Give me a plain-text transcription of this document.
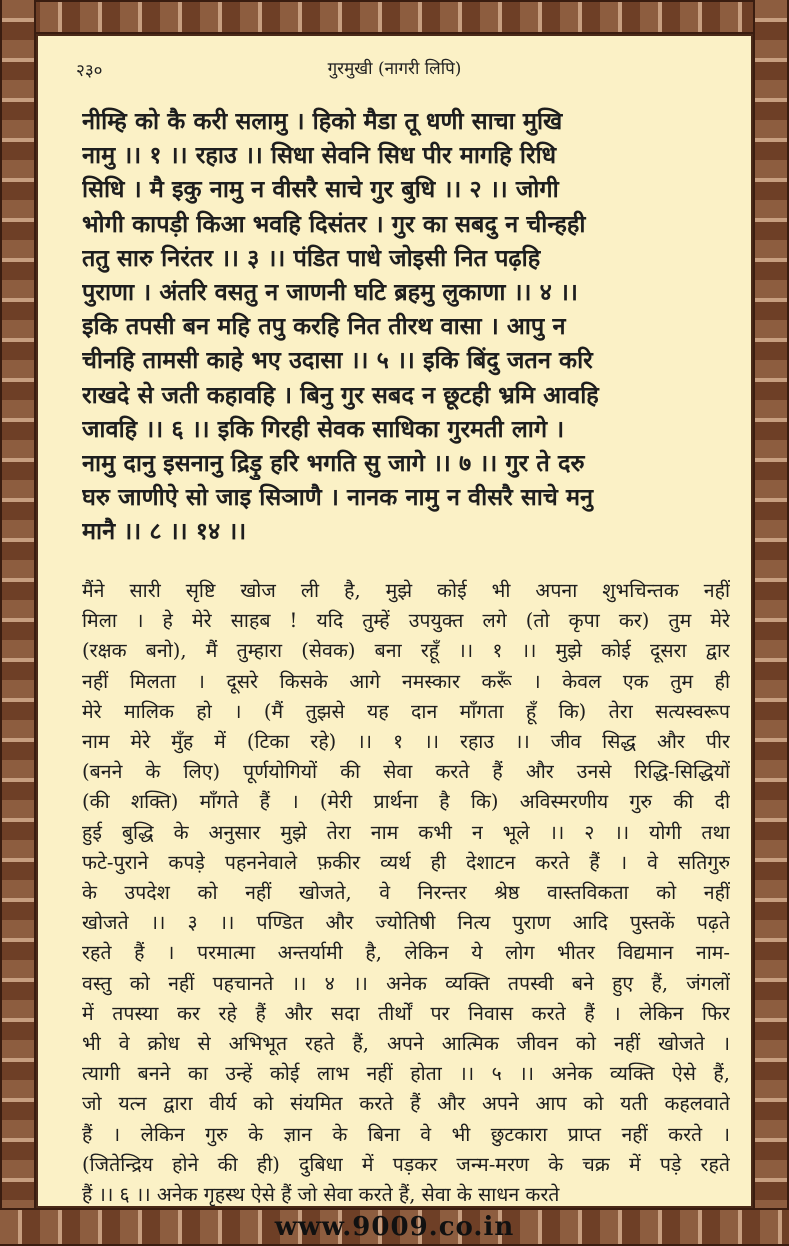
२३०	गुरमुखी (नागरी लिपि)
नीम्हि को कै करी सलामु । हिको मैडा तू धणी साचा मुखि
नामु ।। १ ।। रहाउ ।। सिधा सेवनि सिध पीर मागहि रिधि
सिधि । मै इकु नामु न वीसरै साचे गुर बुधि ।। २ ।। जोगी
भोगी कापड़ी किआ भवहि दिसंतर । गुर का सबदु न चीन्हही
ततु सारु निरंतर ।। ३ ।। पंडित पाधे जोइसी नित पढ़हि
पुराणा । अंतरि वसतु न जाणनी घटि ब्रहमु लुकाणा ।। ४ ।।
इकि तपसी बन महि तपु करहि नित तीरथ वासा । आपु न
चीनहि तामसी काहे भए उदासा ।। ५ ।। इकि बिंदु जतन करि
राखदे से जती कहावहि । बिनु गुर सबद न छूटही भ्रमि आवहि
जावहि ।। ६ ।। इकि गिरही सेवक साधिका गुरमती लागे ।
नामु दानु इसनानु द्रिड़ु हरि भगति सु जागे ।। ७ ।। गुर ते दरु
घरु जाणीऐ सो जाइ सिञाणै । नानक नामु न वीसरै साचे मनु
मानै ।। ८ ।। १४ ।।
मैंने सारी सृष्टि खोज ली है, मुझे कोई भी अपना शुभचिन्तक नहीं
मिला । हे मेरे साहब ! यदि तुम्हें उपयुक्त लगे (तो कृपा कर) तुम मेरे
(रक्षक बनो), मैं तुम्हारा (सेवक) बना रहूँ ।। १ ।। मुझे कोई दूसरा द्वार
नहीं मिलता । दूसरे किसके आगे नमस्कार करूँ । केवल एक तुम ही
मेरे मालिक हो । (मैं तुझसे यह दान माँगता हूँ कि) तेरा सत्यस्वरूप
नाम मेरे मुँह में (टिका रहे) ।। १ ।। रहाउ ।। जीव सिद्ध और पीर
(बनने के लिए) पूर्णयोगियों की सेवा करते हैं और उनसे रिद्धि-सिद्धियों
(की शक्ति) माँगते हैं । (मेरी प्रार्थना है कि) अविस्मरणीय गुरु की दी
हुई बुद्धि के अनुसार मुझे तेरा नाम कभी न भूले ।। २ ।। योगी तथा
फटे-पुराने कपड़े पहननेवाले फ़कीर व्यर्थ ही देशाटन करते हैं । वे सतिगुरु
के उपदेश को नहीं खोजते, वे निरन्तर श्रेष्ठ वास्तविकता को नहीं
खोजते ।। ३ ।। पण्डित और ज्योतिषी नित्य पुराण आदि पुस्तकें पढ़ते
रहते हैं । परमात्मा अन्तर्यामी है, लेकिन ये लोग भीतर विद्यमान नाम-
वस्तु को नहीं पहचानते ।। ४ ।। अनेक व्यक्ति तपस्वी बने हुए हैं, जंगलों
में तपस्या कर रहे हैं और सदा तीर्थों पर निवास करते हैं । लेकिन फिर
भी वे क्रोध से अभिभूत रहते हैं, अपने आत्मिक जीवन को नहीं खोजते ।
त्यागी बनने का उन्हें कोई लाभ नहीं होता ।। ५ ।। अनेक व्यक्ति ऐसे हैं,
जो यत्न द्वारा वीर्य को संयमित करते हैं और अपने आप को यती कहलवाते
हैं । लेकिन गुरु के ज्ञान के बिना वे भी छुटकारा प्राप्त नहीं करते ।
(जितेन्द्रिय होने की ही) दुबिधा में पड़कर जन्म-मरण के चक्र में पड़े रहते
हैं ।। ६ ।। अनेक गृहस्थ ऐसे हैं जो सेवा करते हैं, सेवा के साधन करते
www.9009.co.in
